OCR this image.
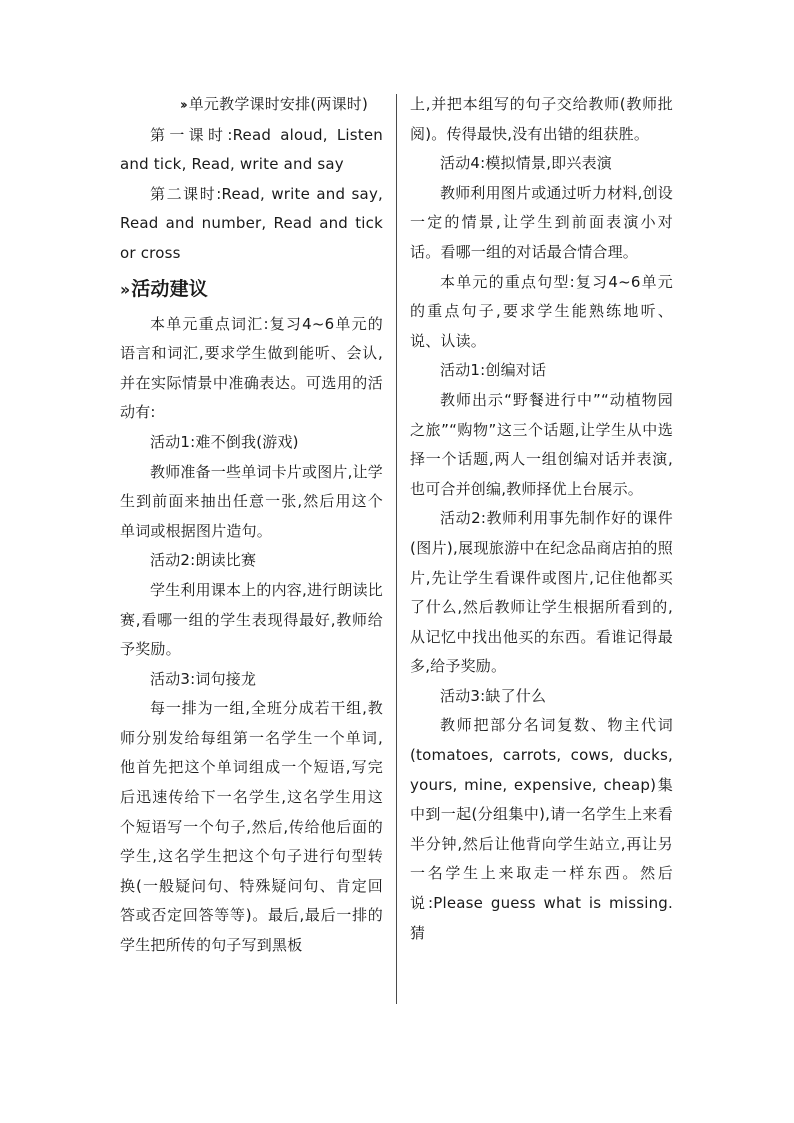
›› 单元教学课时安排(两课时)

第一课时:Read aloud, Listen and tick, Read, write and say

第二课时:Read, write and say, Read and number, Read and tick or cross

›› 活动建议

本单元重点词汇:复习4~6单元的语言和词汇,要求学生做到能听、会认,并在实际情景中准确表达。可选用的活动有:

活动1:难不倒我(游戏)

教师准备一些单词卡片或图片,让学生到前面来抽出任意一张,然后用这个单词或根据图片造句。

活动2:朗读比赛

学生利用课本上的内容,进行朗读比赛,看哪一组的学生表现得最好,教师给予奖励。

活动3:词句接龙

每一排为一组,全班分成若干组,教师分别发给每组第一名学生一个单词,他首先把这个单词组成一个短语,写完后迅速传给下一名学生,这名学生用这个短语写一个句子,然后,传给他后面的学生,这名学生把这个句子进行句型转换(一般疑问句、特殊疑问句、肯定回答或否定回答等等)。最后,最后一排的学生把所传的句子写到黑板

上,并把本组写的句子交给教师(教师批阅)。传得最快,没有出错的组获胜。

活动4:模拟情景,即兴表演

教师利用图片或通过听力材料,创设一定的情景,让学生到前面表演小对话。看哪一组的对话最合情合理。

本单元的重点句型:复习4~6单元的重点句子,要求学生能熟练地听、说、认读。

活动1:创编对话

教师出示“野餐进行中”“动植物园之旅”“购物”这三个话题,让学生从中选择一个话题,两人一组创编对话并表演,也可合并创编,教师择优上台展示。

活动2:教师利用事先制作好的课件(图片),展现旅游中在纪念品商店拍的照片,先让学生看课件或图片,记住他都买了什么,然后教师让学生根据所看到的,从记忆中找出他买的东西。看谁记得最多,给予奖励。

活动3:缺了什么

教师把部分名词复数、物主代词(tomatoes, carrots, cows, ducks, yours, mine, expensive, cheap)集中到一起(分组集中),请一名学生上来看半分钟,然后让他背向学生站立,再让另一名学生上来取走一样东西。然后说:Please guess what is missing.猜
